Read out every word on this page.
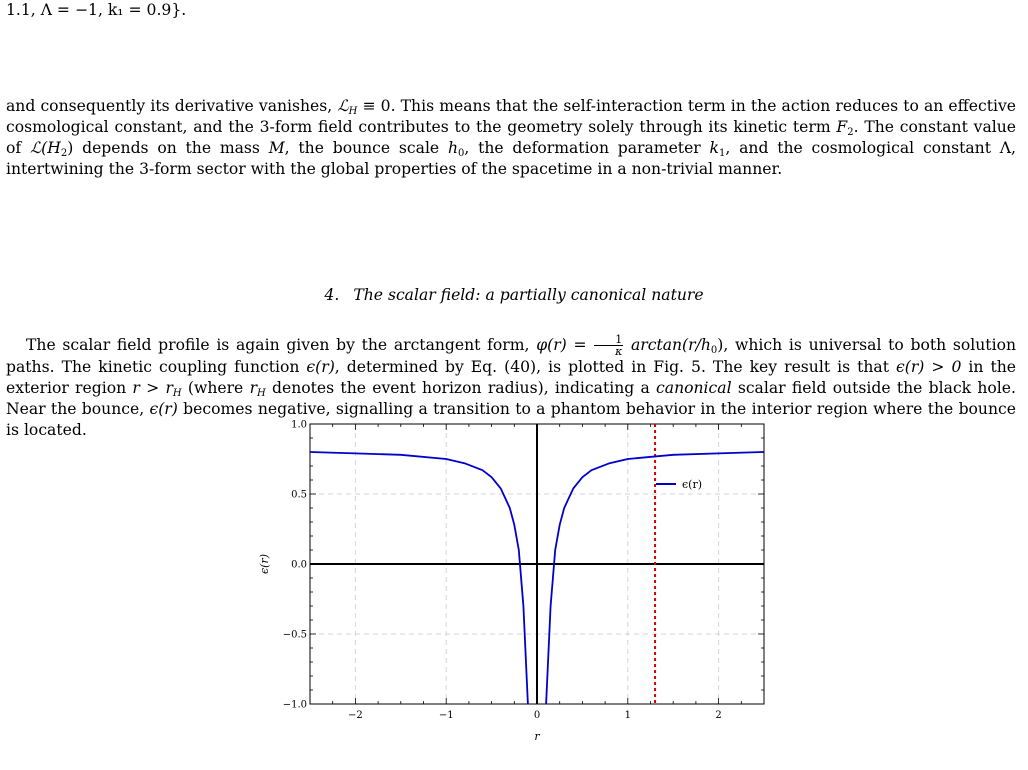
1.1, Λ = −1, k₁ = 0.9}.
and consequently its derivative vanishes, ℒ$_H$ ≡ 0. This means that the self-interaction term in the action reduces to an effective cosmological constant, and the 3-form field contributes to the geometry solely through its kinetic term $F_2$. The constant value of $ℒ(H_2)$ depends on the mass M, the bounce scale $h_0$, the deformation parameter $k_1$, and the cosmological constant Λ, intertwining the 3-form sector with the global properties of the spacetime in a non-trivial manner.
4. The scalar field: a partially canonical nature
The scalar field profile is again given by the arctangent form, $\varphi(r) = \frac{1}{\kappa} \arctan(r/h_0)$, which is universal to both solution paths. The kinetic coupling function ϵ(r), determined by Eq. (40), is plotted in Fig. 5. The key result is that ϵ(r) > 0 in the exterior region $r > r_H$ (where $r_H$ denotes the event horizon radius), indicating a canonical scalar field outside the black hole. Near the bounce, ϵ(r) becomes negative, signalling a transition to a phantom behavior in the interior region where the bounce is located.
ϵ(r)
−2	−1	0	1	2
−1.0
−0.5
0.0
0.5
1.0
r
ϵ(r)
